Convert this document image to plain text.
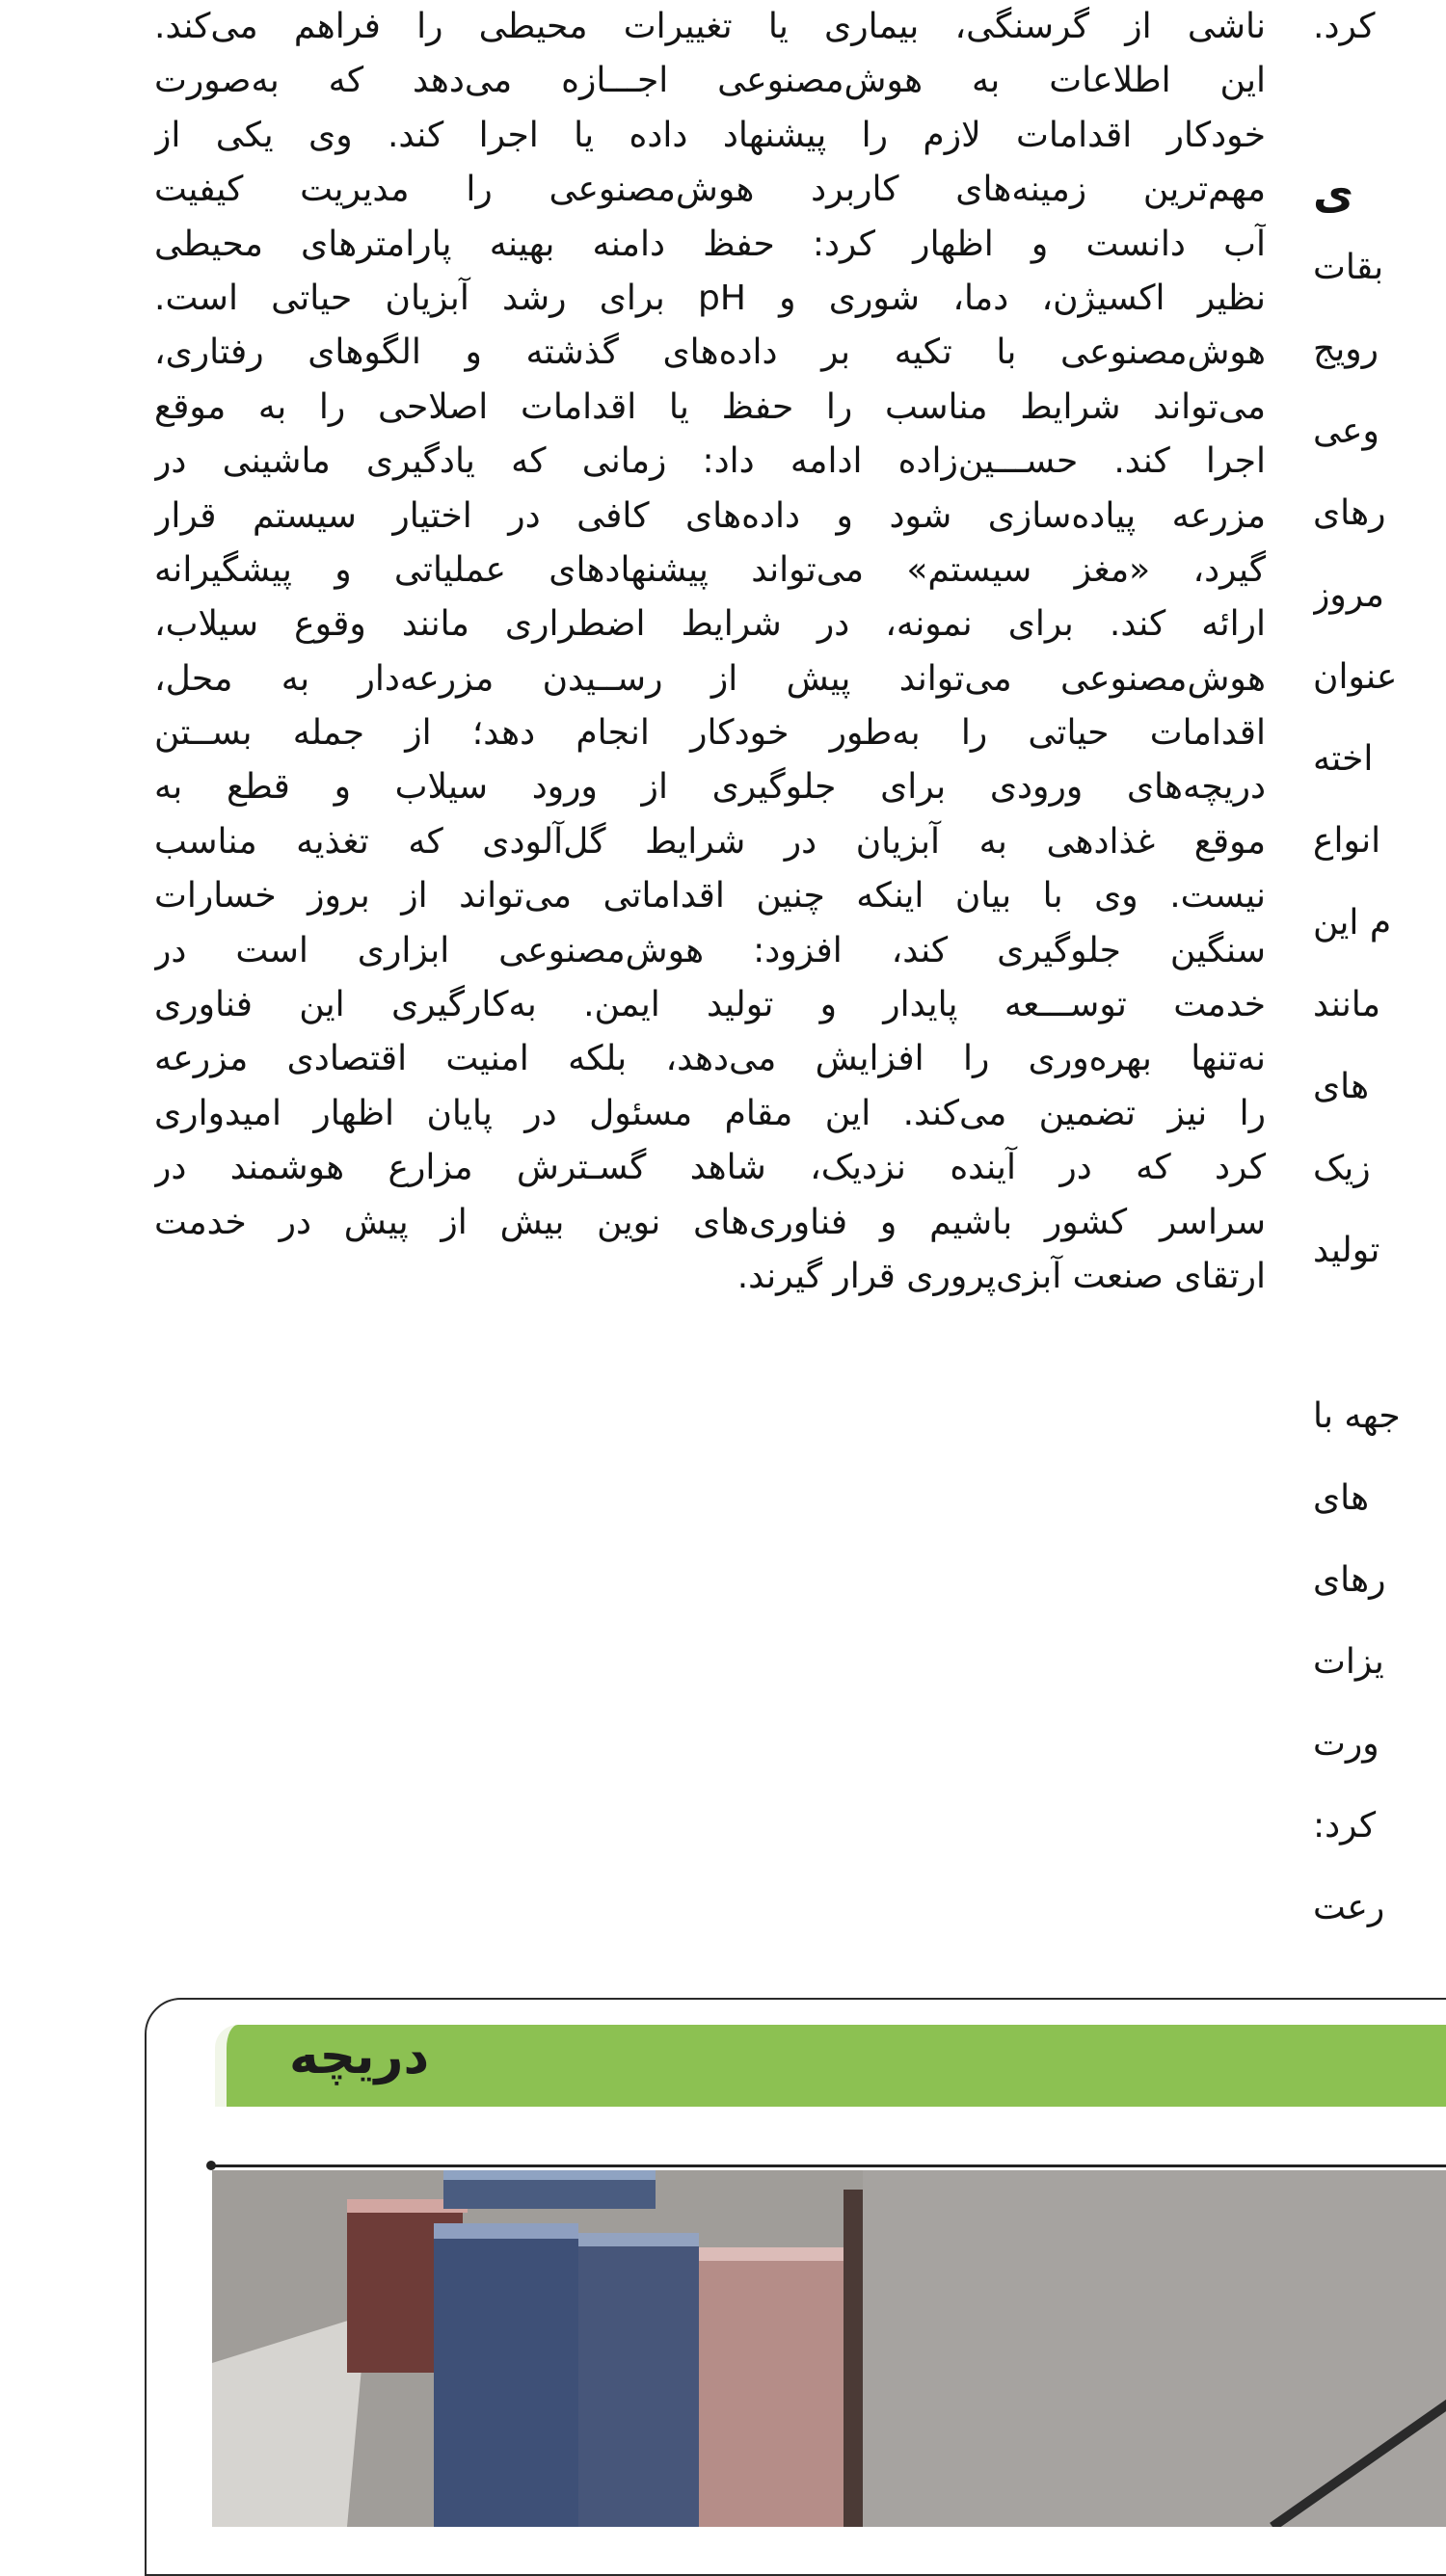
ناشی از گرسنگی، بیماری یا تغییرات محیطی را فراهم می‌کند.
این اطلاعات به هوش‌مصنوعی اجـــازه می‌دهد که به‌صورت
خودکار اقدامات لازم را پیشنهاد داده یا اجرا کند. وی یکی از
مهم‌ترین زمینه‌های کاربرد هوش‌مصنوعی را مدیریت کیفیت
آب دانست و اظهار کرد: حفظ دامنه بهینه پارامترهای محیطی
نظیر اکسیژن، دما، شوری و pH برای رشد آبزیان حیاتی است.
هوش‌مصنوعی با تکیه بر داده‌های گذشته و الگوهای رفتاری،
می‌تواند شرایط مناسب را حفظ یا اقدامات اصلاحی را به موقع
اجرا کند. حســـین‌زاده ادامه داد: زمانی که یادگیری ماشینی در
مزرعه پیاده‌سازی شود و داده‌های کافی در اختیار سیستم قرار
گیرد، «مغز سیستم» می‌تواند پیشنهادهای عملیاتی و پیشگیرانه
ارائه کند. برای نمونه، در شرایط اضطراری مانند وقوع سیلاب،
هوش‌مصنوعی می‌تواند پیش از رســیدن مزرعه‌دار به محل،
اقدامات حیاتی را به‌طور خودکار انجام دهد؛ از جمله بســتن
دریچه‌های ورودی برای جلوگیری از ورود سیلاب و قطع به
موقع غذادهی به آبزیان در شرایط گل‌آلودی که تغذیه مناسب
نیست. وی با بیان اینکه چنین اقداماتی می‌تواند از بروز خسارات
سنگین جلوگیری کند، افزود: هوش‌مصنوعی ابزاری است در
خدمت توســـعه پایدار و تولید ایمن. به‌کارگیری این فناوری
نه‌تنها بهره‌وری را افزایش می‌دهد، بلکه امنیت اقتصادی مزرعه
را نیز تضمین می‌کند. این مقام مسئول در پایان اظهار امیدواری
کرد که در آینده نزدیک، شاهد گسـترش مزارع هوشمند در
سراسر کشور باشیم و فناوری‌های نوین بیش از پیش در خدمت
ارتقای صنعت آبزی‌پروری قرار گیرند.
کرد.
ی
بقات
رویج
وعی
رهای
مروز
عنوان
اخته
انواع
م این
مانند
های
زیک
تولید
جهه با
های
رهای
یزات
ورت
کرد:
رعت
دریچه
